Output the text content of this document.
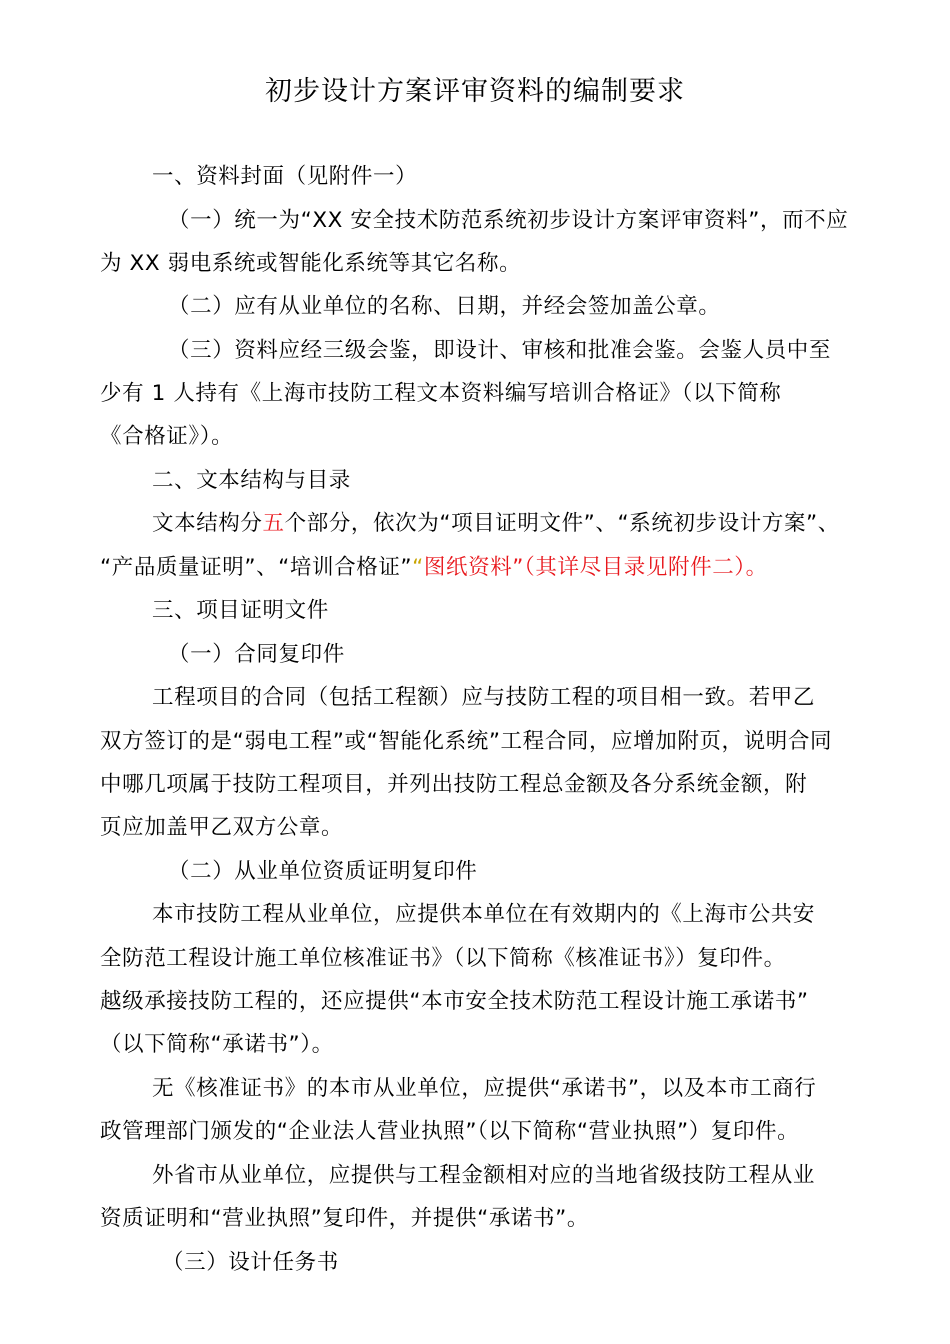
初步设计方案评审资料的编制要求
一、资料封面（见附件一）
（一）统一为“XX 安全技术防范系统初步设计方案评审资料”，而不应
为 XX 弱电系统或智能化系统等其它名称。
（二）应有从业单位的名称、日期，并经会签加盖公章。
（三）资料应经三级会鉴，即设计、审核和批准会鉴。会鉴人员中至
少有 1 人持有《上海市技防工程文本资料编写培训合格证》（以下简称
《合格证》）。
二、文本结构与目录
文本结构分五个部分，依次为“项目证明文件”、“系统初步设计方案”、
“产品质量证明”、“培训合格证”“图纸资料”（其详尽目录见附件二）。
三、项目证明文件
（一）合同复印件
工程项目的合同（包括工程额）应与技防工程的项目相一致。若甲乙
双方签订的是“弱电工程”或“智能化系统”工程合同，应增加附页，说明合同
中哪几项属于技防工程项目，并列出技防工程总金额及各分系统金额，附
页应加盖甲乙双方公章。
（二）从业单位资质证明复印件
本市技防工程从业单位，应提供本单位在有效期内的《上海市公共安
全防范工程设计施工单位核准证书》（以下简称《核准证书》）复印件。
越级承接技防工程的，还应提供“本市安全技术防范工程设计施工承诺书”
（以下简称“承诺书”）。
无《核准证书》的本市从业单位，应提供“承诺书”，以及本市工商行
政管理部门颁发的“企业法人营业执照”（以下简称“营业执照”）复印件。
外省市从业单位，应提供与工程金额相对应的当地省级技防工程从业
资质证明和“营业执照”复印件，并提供“承诺书”。
（三）设计任务书
